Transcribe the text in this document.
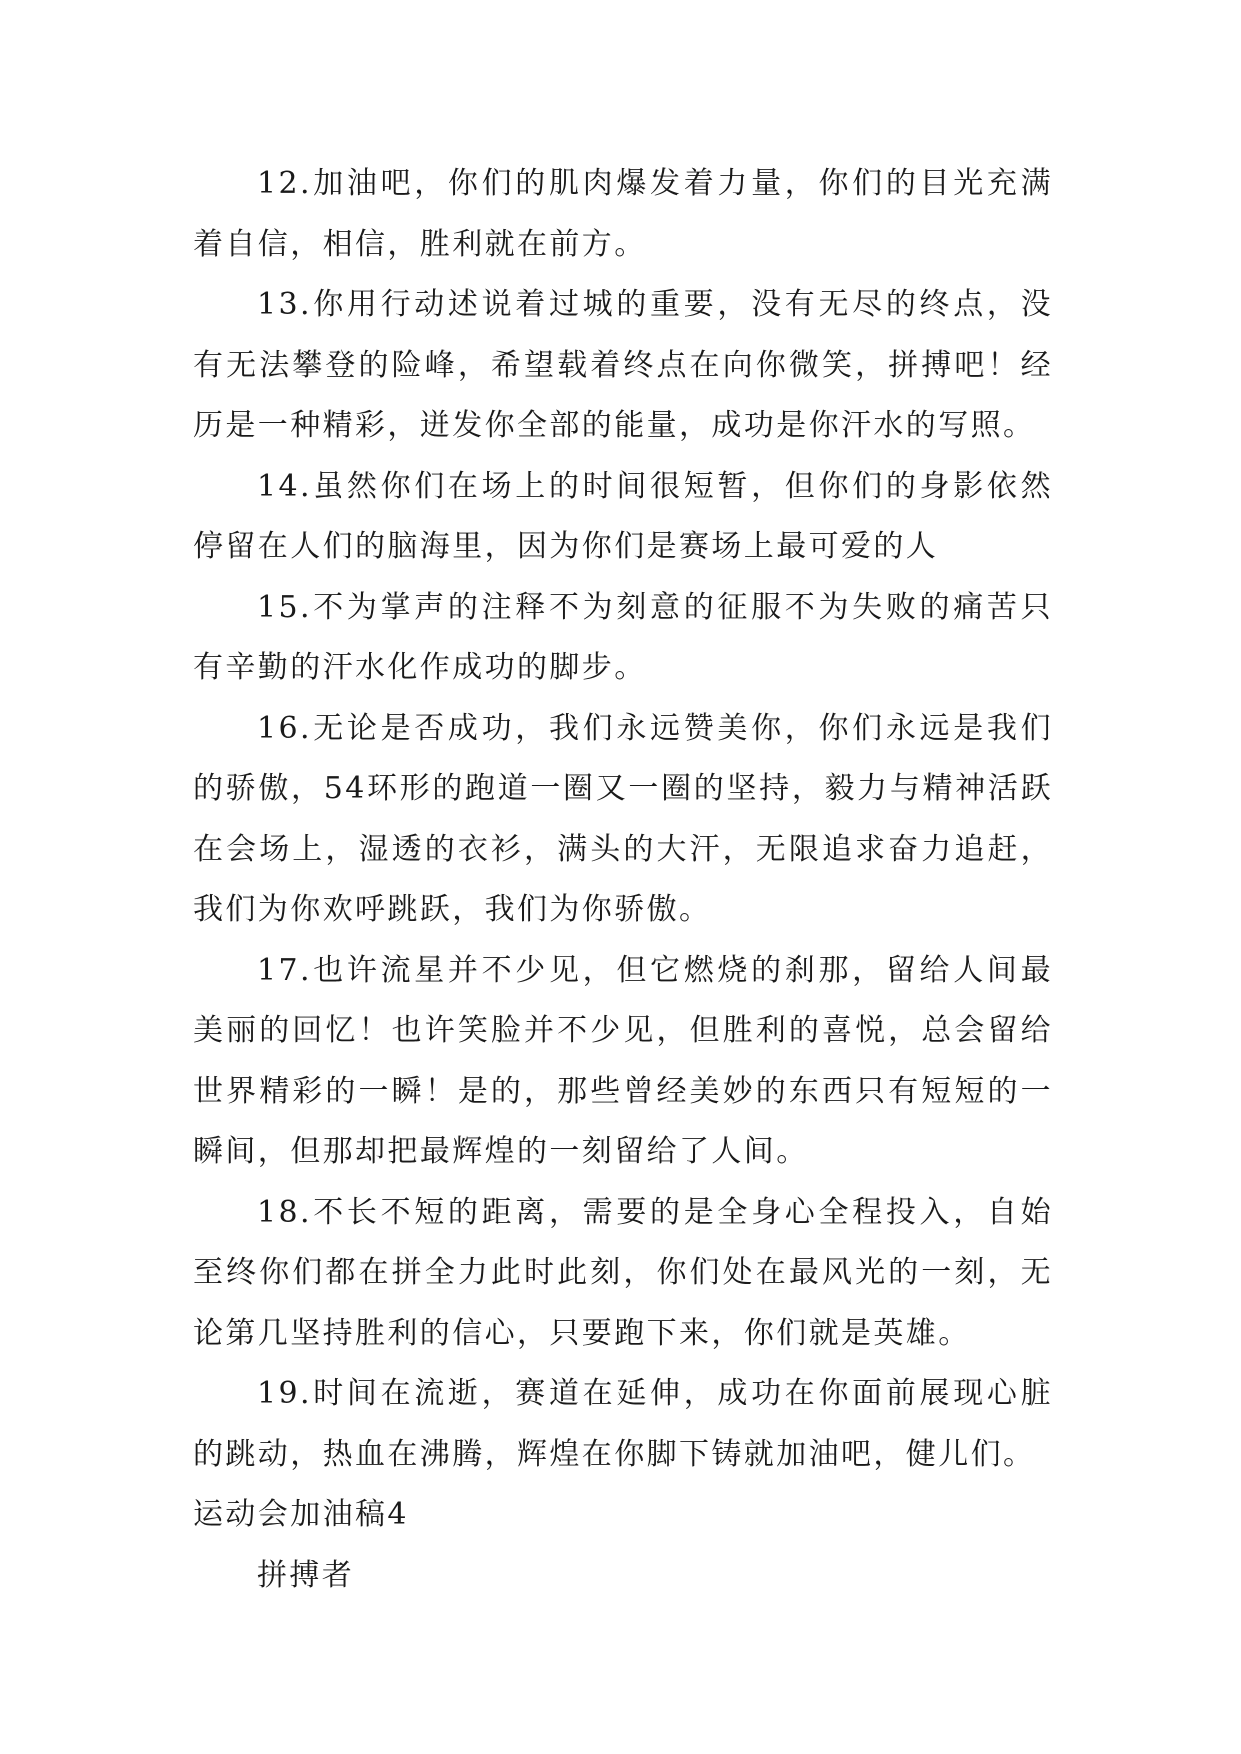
12.加油吧，你们的肌肉爆发着力量，你们的目光充满着自信，相信，胜利就在前方。

13.你用行动述说着过城的重要，没有无尽的终点，没有无法攀登的险峰，希望载着终点在向你微笑，拼搏吧！经历是一种精彩，迸发你全部的能量，成功是你汗水的写照。

14.虽然你们在场上的时间很短暂，但你们的身影依然停留在人们的脑海里，因为你们是赛场上最可爱的人

15.不为掌声的注释不为刻意的征服不为失败的痛苦只有辛勤的汗水化作成功的脚步。

16.无论是否成功，我们永远赞美你，你们永远是我们的骄傲，54环形的跑道一圈又一圈的坚持，毅力与精神活跃在会场上，湿透的衣衫，满头的大汗，无限追求奋力追赶，我们为你欢呼跳跃，我们为你骄傲。

17.也许流星并不少见，但它燃烧的刹那，留给人间最美丽的回忆！也许笑脸并不少见，但胜利的喜悦，总会留给世界精彩的一瞬！是的，那些曾经美妙的东西只有短短的一瞬间，但那却把最辉煌的一刻留给了人间。

18.不长不短的距离，需要的是全身心全程投入，自始至终你们都在拼全力此时此刻，你们处在最风光的一刻，无论第几坚持胜利的信心，只要跑下来，你们就是英雄。

19.时间在流逝，赛道在延伸，成功在你面前展现心脏的跳动，热血在沸腾，辉煌在你脚下铸就加油吧，健儿们。

运动会加油稿4

拼搏者
